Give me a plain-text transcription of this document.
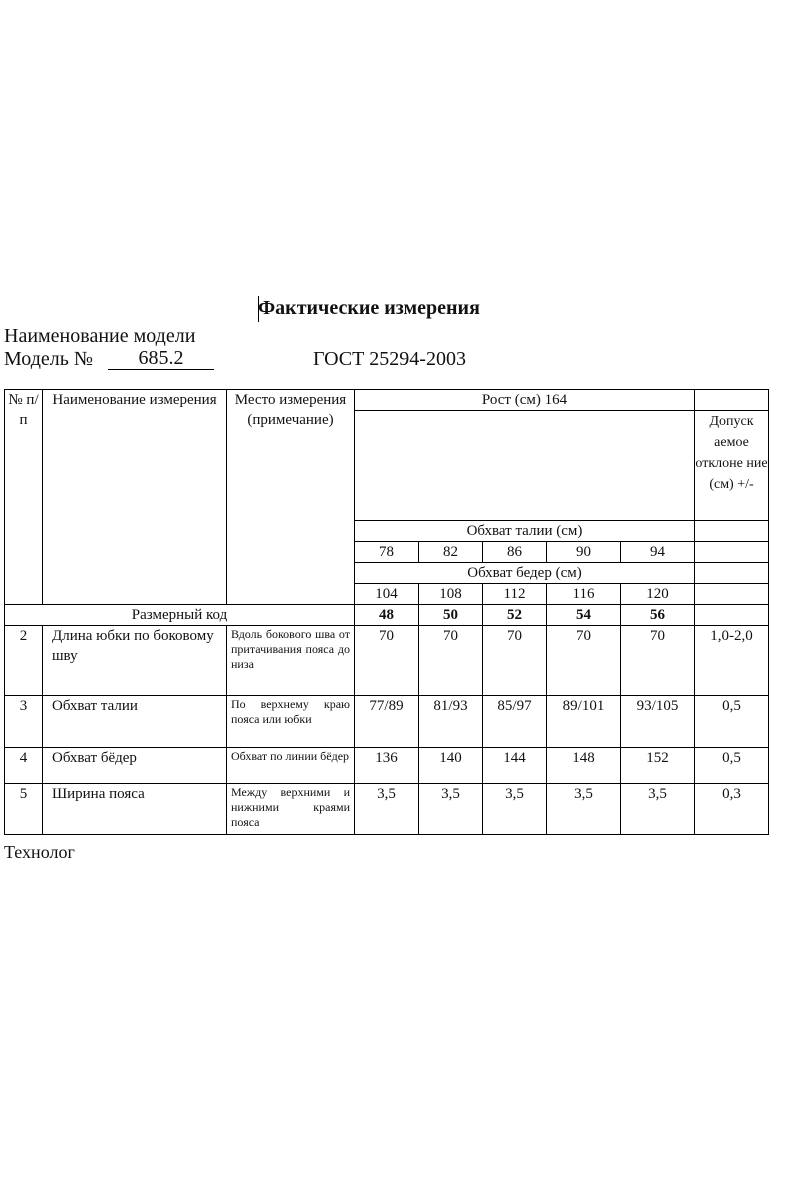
Фактические измерения
Наименование модели
Модель №	685.2	ГОСТ 25294-2003
№ п/ п	Наименование измерения	Место измерения (примечание)	Рост (см) 164					
								Допуск аемое отклоне ние (см) +/-
			Обхват талии (см)					
			78	82	86	90	94	
			Обхват бедер (см)					
			104	108	112	116	120	
Размерный код			48	50	52	54	56	
2	Длина юбки по боковому шву	Вдоль бокового шва от притачивания пояса до низа	70	70	70	70	70	1,0-2,0
3	Обхват талии	По верхнему краю пояса или юбки	77/89	81/93	85/97	89/101	93/105	0,5
4	Обхват бёдер	Обхват по линии бёдер	136	140	144	148	152	0,5
5	Ширина пояса	Между верхними и нижними краями пояса	3,5	3,5	3,5	3,5	3,5	0,3
Технолог
